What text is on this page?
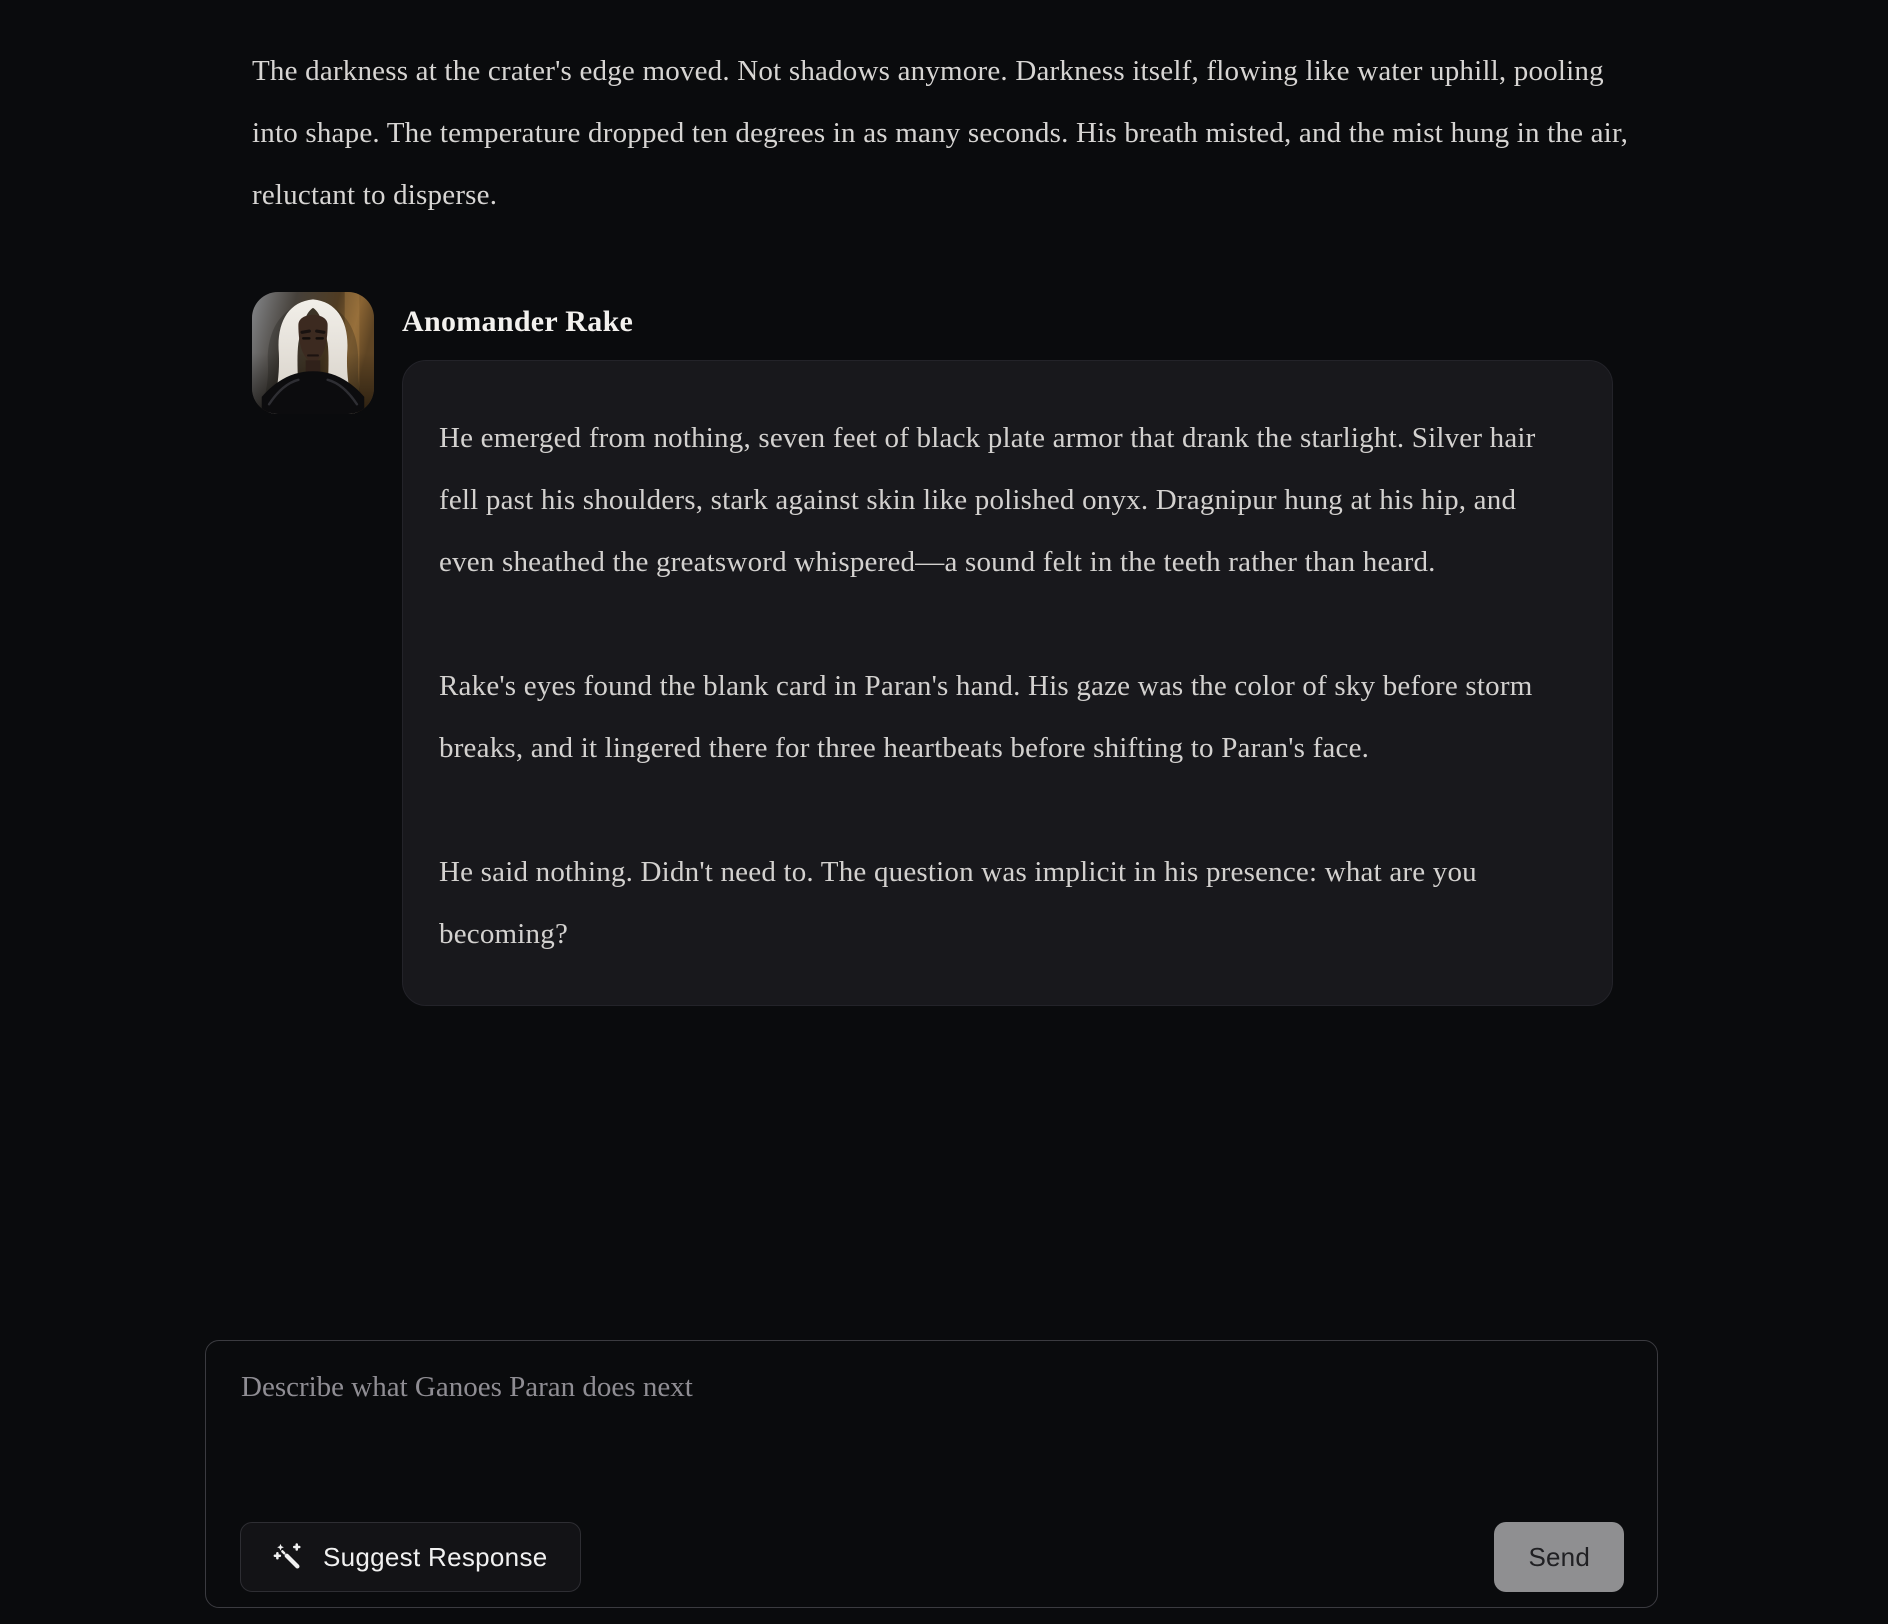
The darkness at the crater's edge moved. Not shadows anymore. Darkness itself, flowing like water uphill, pooling into shape. The temperature dropped ten degrees in as many seconds. His breath misted, and the mist hung in the air, reluctant to disperse.
Anomander Rake

He emerged from nothing, seven feet of black plate armor that drank the starlight. Silver hair fell past his shoulders, stark against skin like polished onyx. Dragnipur hung at his hip, and even sheathed the greatsword whispered—a sound felt in the teeth rather than heard.

Rake's eyes found the blank card in Paran's hand. His gaze was the color of sky before storm breaks, and it lingered there for three heartbeats before shifting to Paran's face.

He said nothing. Didn't need to. The question was implicit in his presence: what are you becoming?

Describe what Ganoes Paran does next
Suggest Response	Send
